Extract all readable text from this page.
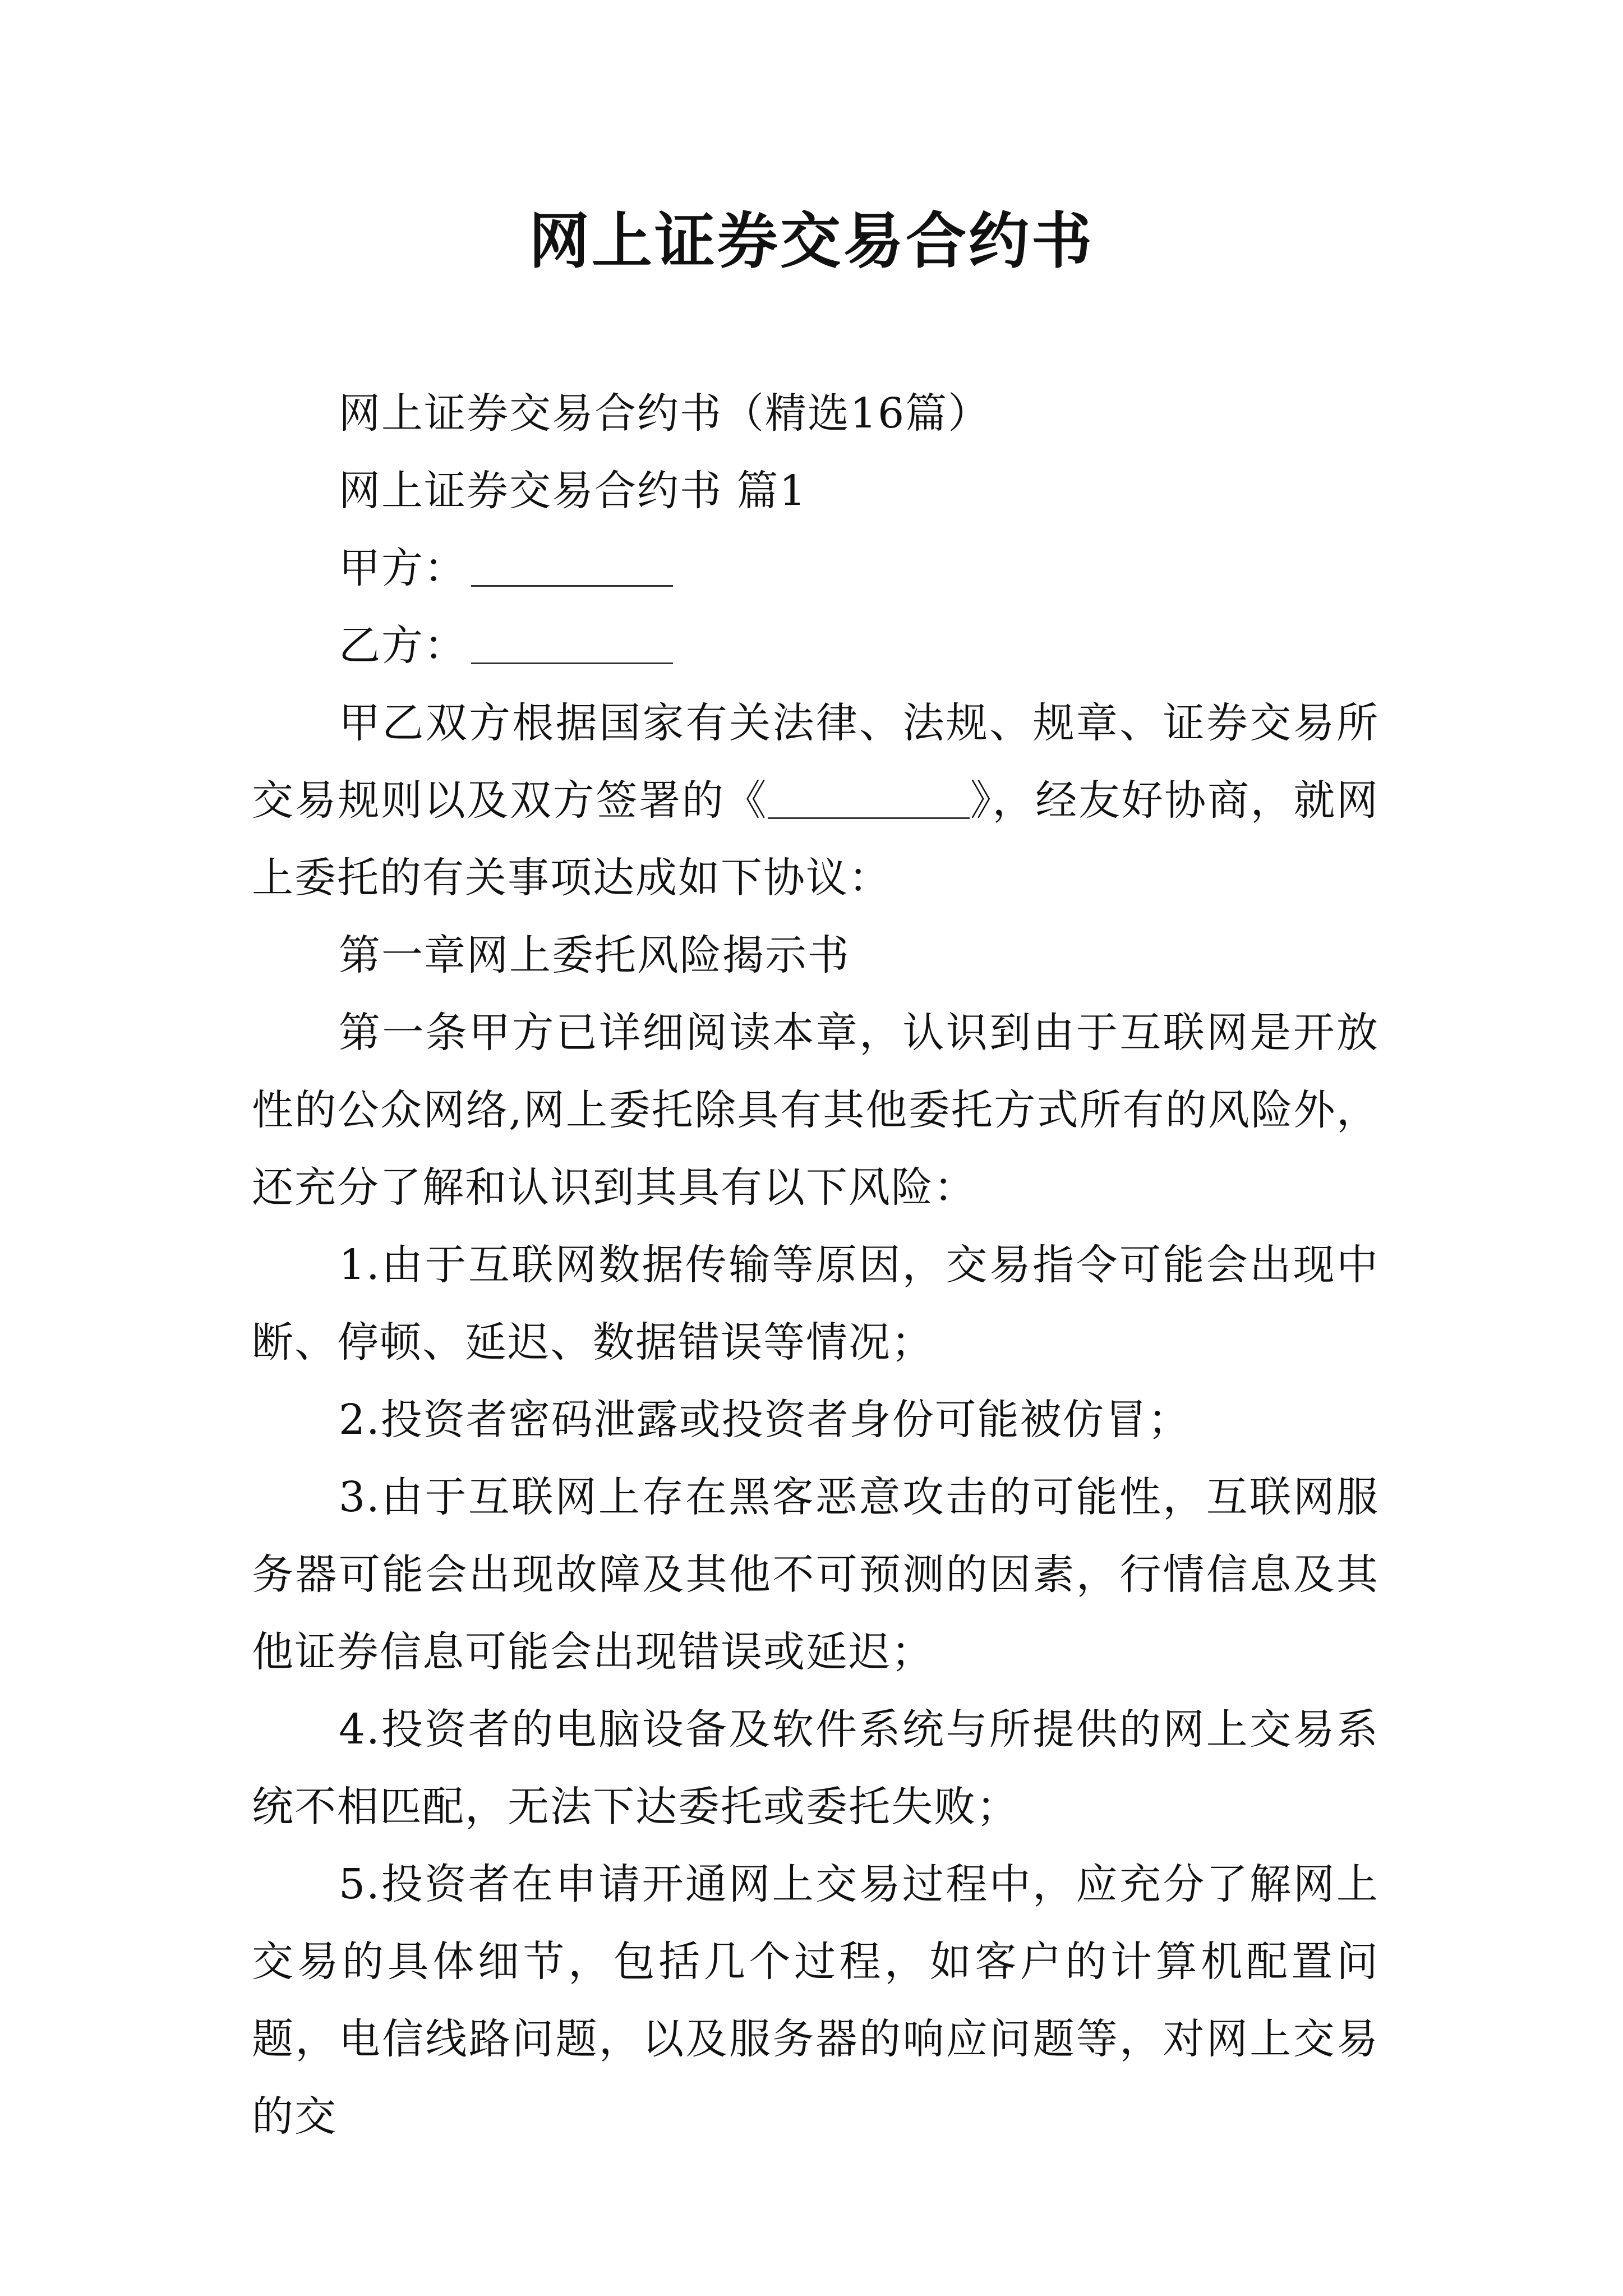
网上证券交易合约书

网上证券交易合约书（精选16篇）

网上证券交易合约书 篇1

甲方：

乙方：

甲乙双方根据国家有关法律、法规、规章、证券交易所交易规则以及双方签署的《	》，经友好协商，就网上委托的有关事项达成如下协议：

第一章网上委托风险揭示书

第一条甲方已详细阅读本章，认识到由于互联网是开放性的公众网络,网上委托除具有其他委托方式所有的风险外，还充分了解和认识到其具有以下风险：

1.由于互联网数据传输等原因，交易指令可能会出现中断、停顿、延迟、数据错误等情况；

2.投资者密码泄露或投资者身份可能被仿冒；

3.由于互联网上存在黑客恶意攻击的可能性，互联网服务器可能会出现故障及其他不可预测的因素，行情信息及其他证券信息可能会出现错误或延迟；

4.投资者的电脑设备及软件系统与所提供的网上交易系统不相匹配，无法下达委托或委托失败；

5.投资者在申请开通网上交易过程中，应充分了解网上交易的具体细节，包括几个过程，如客户的计算机配置问题，电信线路问题，以及服务器的响应问题等，对网上交易的交
